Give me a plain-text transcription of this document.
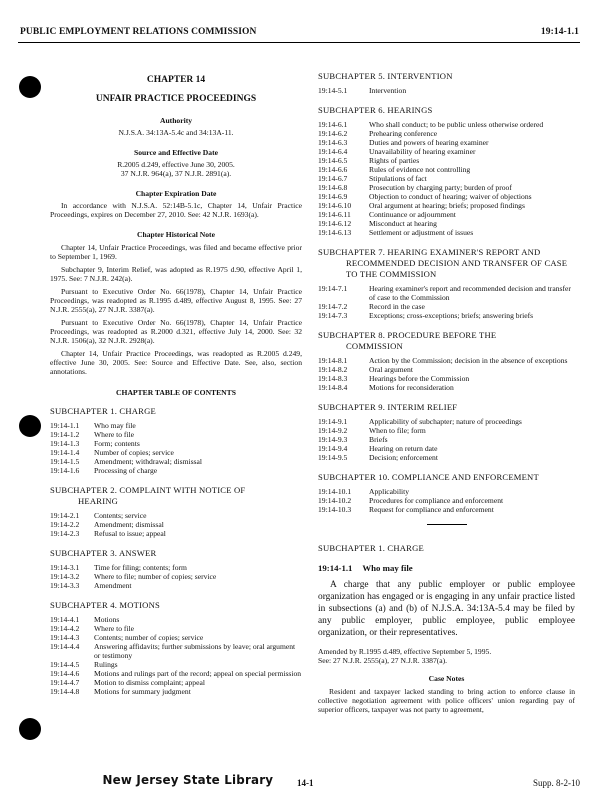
PUBLIC EMPLOYMENT RELATIONS COMMISSION	19:14-1.1
CHAPTER 14
UNFAIR PRACTICE PROCEEDINGS
Authority
N.J.S.A. 34:13A-5.4c and 34:13A-11.
Source and Effective Date
R.2005 d.249, effective June 30, 2005.
37 N.J.R. 964(a), 37 N.J.R. 2891(a).
Chapter Expiration Date
In accordance with N.J.S.A. 52:14B-5.1c, Chapter 14, Unfair Practice Proceedings, expires on December 27, 2010. See: 42 N.J.R. 1693(a).
Chapter Historical Note
Chapter 14, Unfair Practice Proceedings, was filed and became effective prior to September 1, 1969.
Subchapter 9, Interim Relief, was adopted as R.1975 d.90, effective April 1, 1975. See: 7 N.J.R. 242(a).
Pursuant to Executive Order No. 66(1978), Chapter 14, Unfair Practice Proceedings, was readopted as R.1995 d.489, effective August 8, 1995. See: 27 N.J.R. 2555(a), 27 N.J.R. 3387(a).
Pursuant to Executive Order No. 66(1978), Chapter 14, Unfair Practice Proceedings, was readopted as R.2000 d.321, effective July 14, 2000. See: 32 N.J.R. 1506(a), 32 N.J.R. 2928(a).
Chapter 14, Unfair Practice Proceedings, was readopted as R.2005 d.249, effective June 30, 2005. See: Source and Effective Date. See, also, section annotations.
CHAPTER TABLE OF CONTENTS
SUBCHAPTER 1. CHARGE
19:14-1.1	Who may file
19:14-1.2	Where to file
19:14-1.3	Form; contents
19:14-1.4	Number of copies; service
19:14-1.5	Amendment; withdrawal; dismissal
19:14-1.6	Processing of charge
SUBCHAPTER 2. COMPLAINT WITH NOTICE OF
HEARING
19:14-2.1	Contents; service
19:14-2.2	Amendment; dismissal
19:14-2.3	Refusal to issue; appeal
SUBCHAPTER 3. ANSWER
19:14-3.1	Time for filing; contents; form
19:14-3.2	Where to file; number of copies; service
19:14-3.3	Amendment
SUBCHAPTER 4. MOTIONS
19:14-4.1	Motions
19:14-4.2	Where to file
19:14-4.3	Contents; number of copies; service
19:14-4.4	Answering affidavits; further submissions by leave; oral argument or testimony
19:14-4.5	Rulings
19:14-4.6	Motions and rulings part of the record; appeal on special permission
19:14-4.7	Motion to dismiss complaint; appeal
19:14-4.8	Motions for summary judgment
SUBCHAPTER 5. INTERVENTION
19:14-5.1	Intervention
SUBCHAPTER 6. HEARINGS
19:14-6.1	Who shall conduct; to be public unless otherwise ordered
19:14-6.2	Prehearing conference
19:14-6.3	Duties and powers of hearing examiner
19:14-6.4	Unavailability of hearing examiner
19:14-6.5	Rights of parties
19:14-6.6	Rules of evidence not controlling
19:14-6.7	Stipulations of fact
19:14-6.8	Prosecution by charging party; burden of proof
19:14-6.9	Objection to conduct of hearing; waiver of objections
19:14-6.10	Oral argument at hearing; briefs; proposed findings
19:14-6.11	Continuance or adjournment
19:14-6.12	Misconduct at hearing
19:14-6.13	Settlement or adjustment of issues
SUBCHAPTER 7. HEARING EXAMINER'S REPORT AND
RECOMMENDED DECISION AND TRANSFER OF CASE TO THE COMMISSION
19:14-7.1	Hearing examiner's report and recommended decision and transfer of case to the Commission
19:14-7.2	Record in the case
19:14-7.3	Exceptions; cross-exceptions; briefs; answering briefs
SUBCHAPTER 8. PROCEDURE BEFORE THE
COMMISSION
19:14-8.1	Action by the Commission; decision in the absence of exceptions
19:14-8.2	Oral argument
19:14-8.3	Hearings before the Commission
19:14-8.4	Motions for reconsideration
SUBCHAPTER 9. INTERIM RELIEF
19:14-9.1	Applicability of subchapter; nature of proceedings
19:14-9.2	When to file; form
19:14-9.3	Briefs
19:14-9.4	Hearing on return date
19:14-9.5	Decision; enforcement
SUBCHAPTER 10. COMPLIANCE AND ENFORCEMENT
19:14-10.1	Applicability
19:14-10.2	Procedures for compliance and enforcement
19:14-10.3	Request for compliance and enforcement
SUBCHAPTER 1. CHARGE
19:14-1.1 Who may file
A charge that any public employer or public employee organization has engaged or is engaging in any unfair practice listed in subsections (a) and (b) of N.J.S.A. 34:13A-5.4 may be filed by any public employer, public employee, public employee organization, or their representatives.
Amended by R.1995 d.489, effective September 5, 1995.
See: 27 N.J.R. 2555(a), 27 N.J.R. 3387(a).
Case Notes
Resident and taxpayer lacked standing to bring action to enforce clause in collective negotiation agreement with police officers' union regarding pay of superior officers, taxpayer was not party to agreement,
New Jersey State Library	14-1	Supp. 8-2-10
